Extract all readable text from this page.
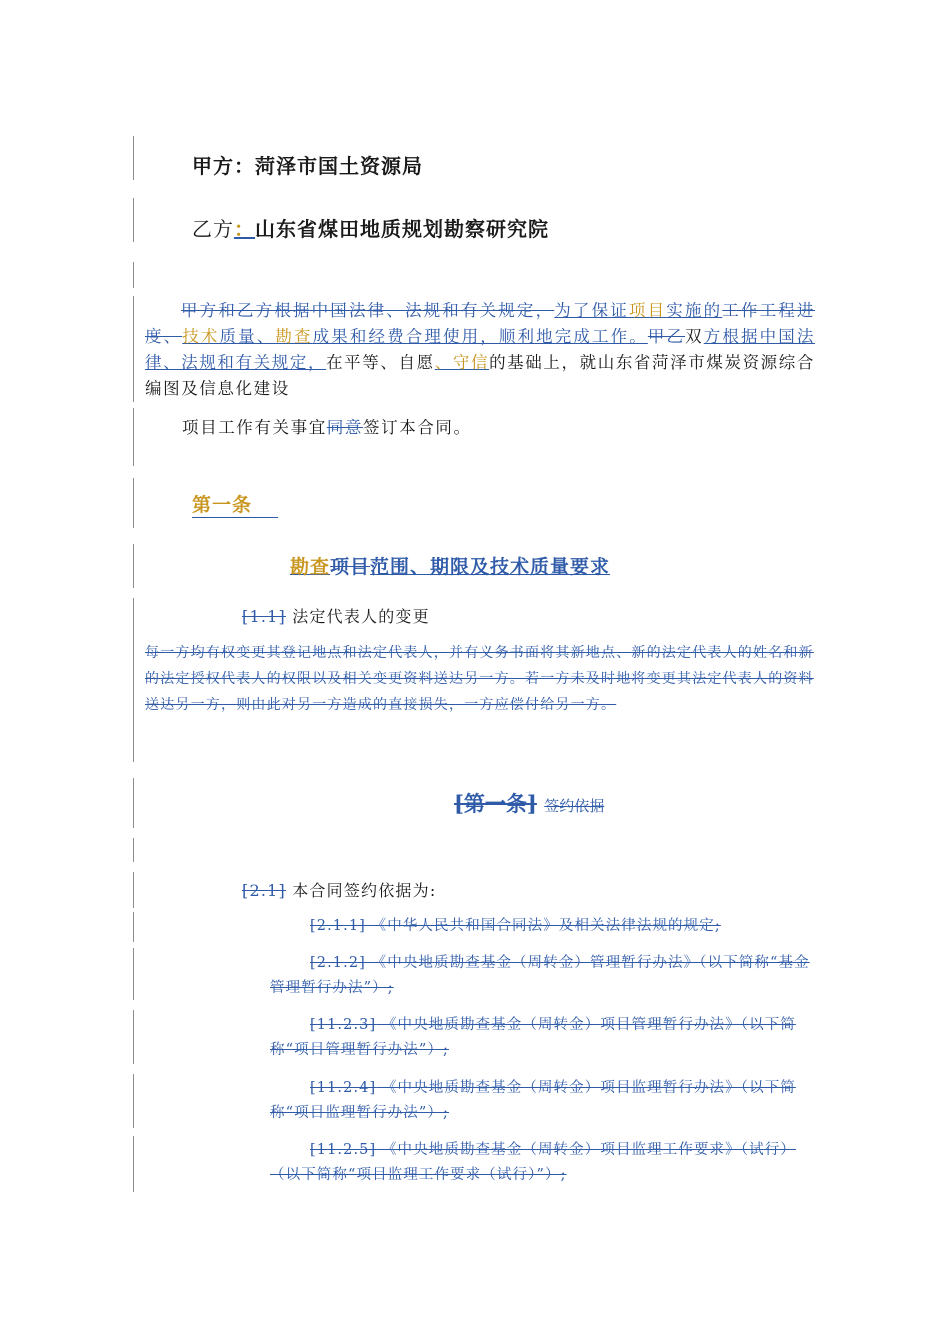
甲方：菏泽市国土资源局
乙方：山东省煤田地质规划勘察研究院
甲方和乙方根据中国法律、法规和有关规定，为了保证项目实施的工作工程进度、技术质量、勘查成果和经费合理使用，顺利地完成工作。甲乙双方根据中国法律、法规和有关规定，在平等、自愿、守信的基础上，就山东省菏泽市煤炭资源综合编图及信息化建设
项目工作有关事宜同意签订本合同。
第一条
勘查项目范围、期限及技术质量要求
[1.1] 法定代表人的变更
每一方均有权变更其登记地点和法定代表人，并有义务书面将其新地点、新的法定代表人的姓名和新的法定授权代表人的权限以及相关变更资料送达另一方。若一方未及时地将变更其法定代表人的资料送达另一方，则由此对另一方造成的直接损失，一方应偿付给另一方。
[第一条] 签约依据
[2.1] 本合同签约依据为:
[2.1.1] 《中华人民共和国合同法》及相关法律法规的规定;
[2.1.2] 《中央地质勘查基金（周转金）管理暂行办法》（以下简称“基金管理暂行办法”）;
[11.2.3] 《中央地质勘查基金（周转金）项目管理暂行办法》（以下简称“项目管理暂行办法”）;
[11.2.4] 《中央地质勘查基金（周转金）项目监理暂行办法》（以下简称“项目监理暂行办法”）;
[11.2.5] 《中央地质勘查基金（周转金）项目监理工作要求》（试行）（以下简称“项目监理工作要求（试行）”）;
